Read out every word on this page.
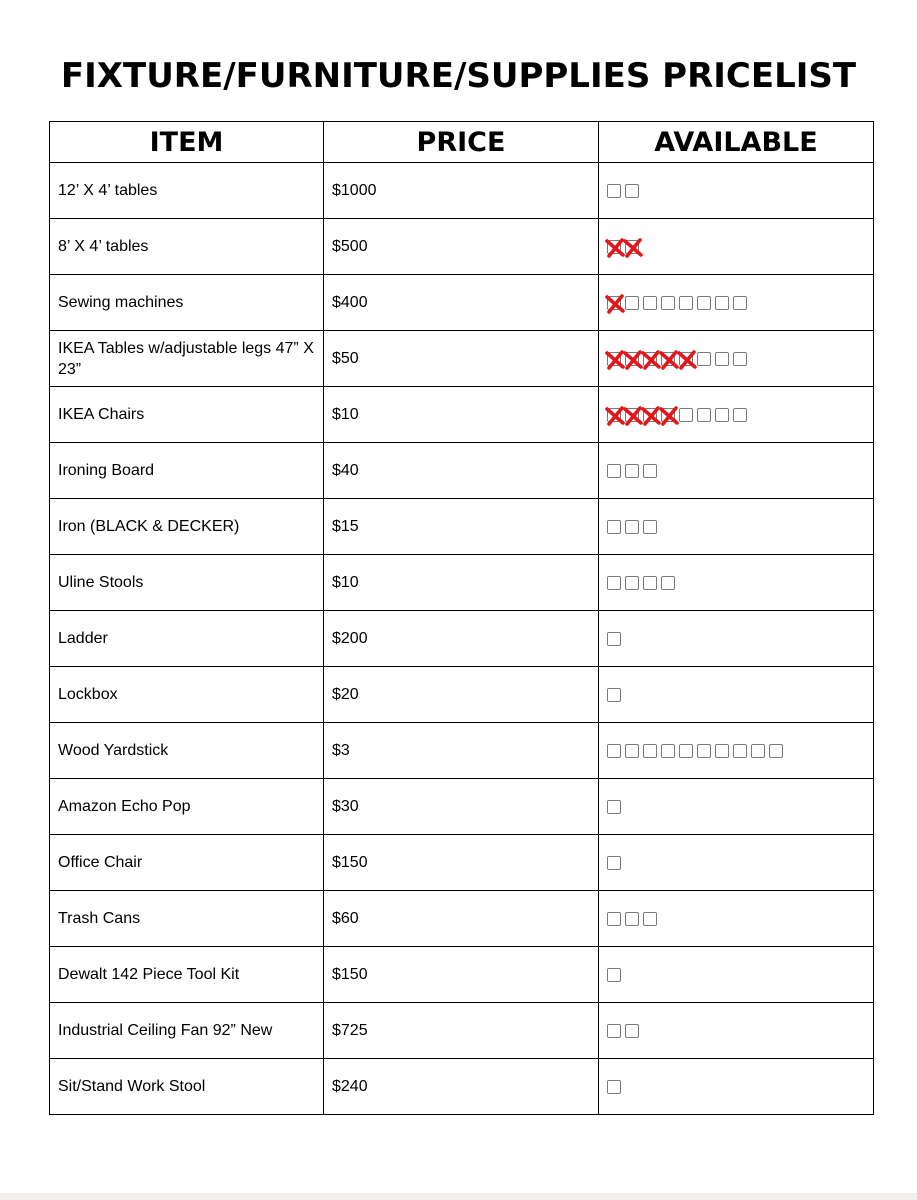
FIXTURE/FURNITURE/SUPPLIES PRICELIST
ITEM	PRICE	AVAILABLE
12’ X 4’ tables	$1000	

8’ X 4’ tables	$500	

Sewing machines	$400	

IKEA Tables w/adjustable legs 47” X 23”	$50	

IKEA Chairs	$10	

Ironing Board	$40	

Iron (BLACK & DECKER)	$15	

Uline Stools	$10	

Ladder	$200	

Lockbox	$20	

Wood Yardstick	$3	

Amazon Echo Pop	$30	

Office Chair	$150	

Trash Cans	$60	

Dewalt 142 Piece Tool Kit	$150	

Industrial Ceiling Fan 92” New	$725	

Sit/Stand Work Stool	$240	
